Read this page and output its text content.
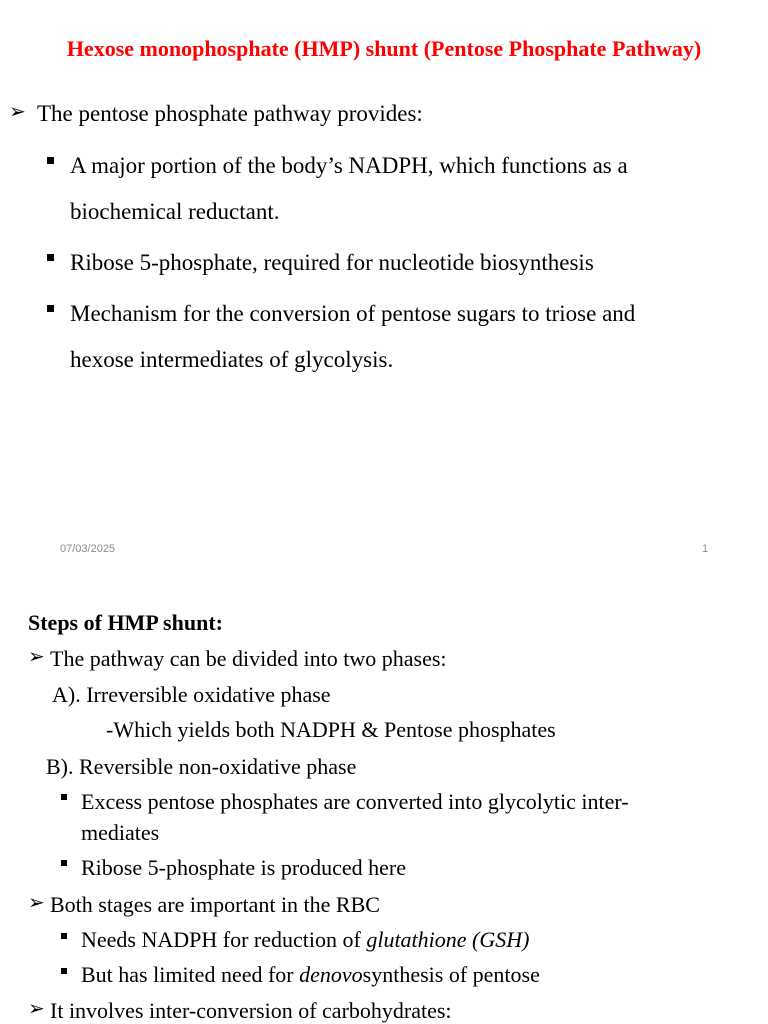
Hexose monophosphate (HMP) shunt (Pentose Phosphate Pathway)
➢ The pentose phosphate pathway provides:
A major portion of the body’s NADPH, which functions as a
biochemical reductant.
Ribose 5-phosphate, required for nucleotide biosynthesis
Mechanism for the conversion of pentose sugars to triose and
hexose intermediates of glycolysis.
07/03/2025	1
Steps of HMP shunt:
➢ The pathway can be divided into two phases:
A). Irreversible oxidative phase
-Which yields both NADPH & Pentose phosphates
B). Reversible non-oxidative phase
Excess pentose phosphates are converted into glycolytic inter-
mediates
Ribose 5-phosphate is produced here
➢ Both stages are important in the RBC
Needs NADPH for reduction of glutathione (GSH)
But has limited need for denovosynthesis of pentose
➢ It involves inter-conversion of carbohydrates:
